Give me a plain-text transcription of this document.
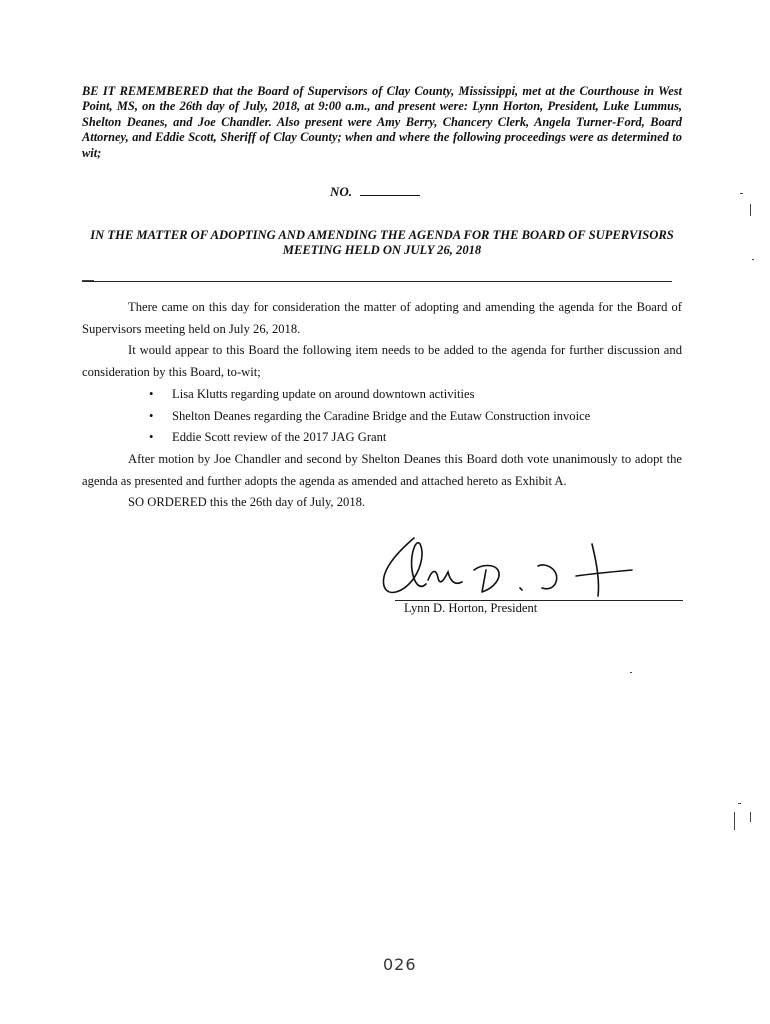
BE IT REMEMBERED that the Board of Supervisors of Clay County, Mississippi, met at the Courthouse in West Point, MS, on the 26th day of July, 2018, at 9:00 a.m., and present were: Lynn Horton, President, Luke Lummus, Shelton Deanes, and Joe Chandler. Also present were Amy Berry, Chancery Clerk, Angela Turner-Ford, Board Attorney, and Eddie Scott, Sheriff of Clay County; when and where the following proceedings were as determined to wit;
NO.
IN THE MATTER OF ADOPTING AND AMENDING THE AGENDA FOR THE BOARD OF SUPERVISORS MEETING HELD ON JULY 26, 2018

There came on this day for consideration the matter of adopting and amending the agenda for the Board of Supervisors meeting held on July 26, 2018.

It would appear to this Board the following item needs to be added to the agenda for further discussion and consideration by this Board, to-wit;

• Lisa Klutts regarding update on around downtown activities
• Shelton Deanes regarding the Caradine Bridge and the Eutaw Construction invoice
• Eddie Scott review of the 2017 JAG Grant

After motion by Joe Chandler and second by Shelton Deanes this Board doth vote unanimously to adopt the agenda as presented and further adopts the agenda as amended and attached hereto as Exhibit A.

SO ORDERED this the 26th day of July, 2018.

Lynn D. Horton, President
026
